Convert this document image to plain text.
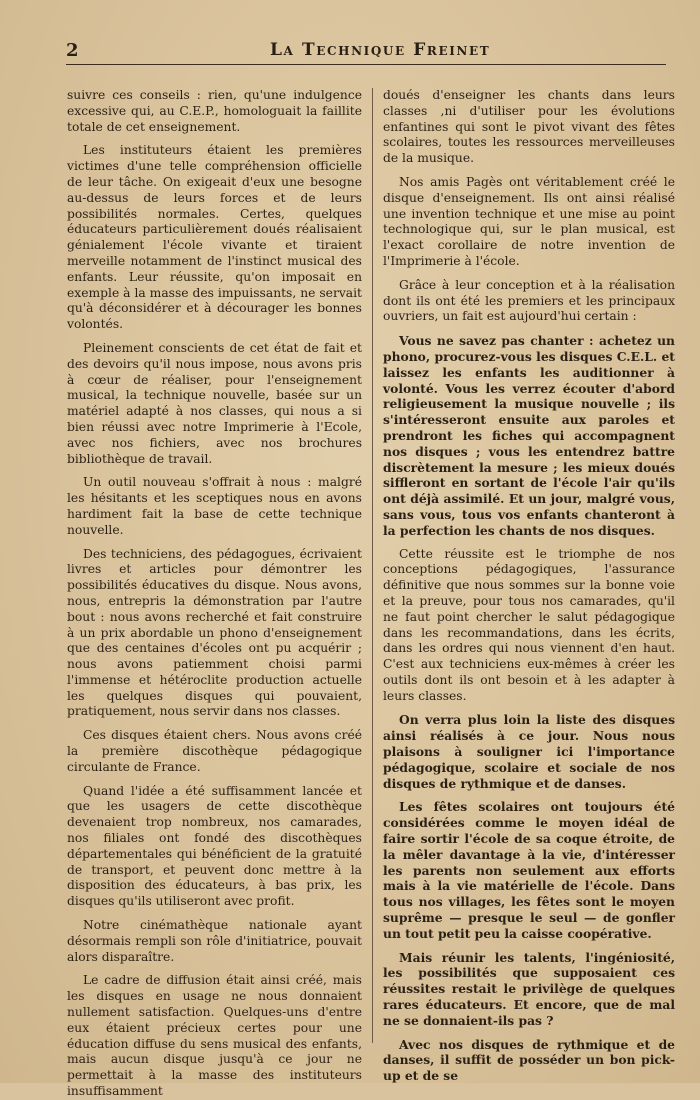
2	La Technique Freinet

suivre ces conseils : rien, qu'une indulgence excessive qui, au C.E.P., homologuait la faillite totale de cet enseignement.

Les instituteurs étaient les premières victimes d'une telle compréhension officielle de leur tâche. On exigeait d'eux une besogne au-dessus de leurs forces et de leurs possibilités normales. Certes, quelques éducateurs particulièrement doués réalisaient génialement l'école vivante et tiraient merveille notamment de l'instinct musical des enfants. Leur réussite, qu'on imposait en exemple à la masse des impuissants, ne servait qu'à déconsidérer et à décourager les bonnes volontés.

Pleinement conscients de cet état de fait et des devoirs qu'il nous impose, nous avons pris à cœur de réaliser, pour l'enseignement musical, la technique nouvelle, basée sur un matériel adapté à nos classes, qui nous a si bien réussi avec notre Imprimerie à l'Ecole, avec nos fichiers, avec nos brochures bibliothèque de travail.

Un outil nouveau s'offrait à nous : malgré les hésitants et les sceptiques nous en avons hardiment fait la base de cette technique nouvelle.

Des techniciens, des pédagogues, écrivaient livres et articles pour démontrer les possibilités éducatives du disque. Nous avons, nous, entrepris la démonstration par l'autre bout : nous avons recherché et fait construire à un prix abordable un phono d'enseignement que des centaines d'écoles ont pu acquérir ; nous avons patiemment choisi parmi l'immense et hétéroclite production actuelle les quelques disques qui pouvaient, pratiquement, nous servir dans nos classes.

Ces disques étaient chers. Nous avons créé la première discothèque pédagogique circulante de France.

Quand l'idée a été suffisamment lancée et que les usagers de cette discothèque devenaient trop nombreux, nos camarades, nos filiales ont fondé des discothèques départementales qui bénéficient de la gratuité de transport, et peuvent donc mettre à la disposition des éducateurs, à bas prix, les disques qu'ils utiliseront avec profit.

Notre cinémathèque nationale ayant désormais rempli son rôle d'initiatrice, pouvait alors disparaître.

Le cadre de diffusion était ainsi créé, mais les disques en usage ne nous donnaient nullement satisfaction. Quelques-uns d'entre eux étaient précieux certes pour une éducation diffuse du sens musical des enfants, mais aucun disque jusqu'à ce jour ne permettait à la masse des instituteurs insuffisamment

doués d'enseigner les chants dans leurs classes ,ni d'utiliser pour les évolutions enfantines qui sont le pivot vivant des fêtes scolaires, toutes les ressources merveilleuses de la musique.

Nos amis Pagès ont véritablement créé le disque d'enseignement. Ils ont ainsi réalisé une invention technique et une mise au point technologique qui, sur le plan musical, est l'exact corollaire de notre invention de l'Imprimerie à l'école.

Grâce à leur conception et à la réalisation dont ils ont été les premiers et les principaux ouvriers, un fait est aujourd'hui certain :

Vous ne savez pas chanter : achetez un phono, procurez-vous les disques C.E.L. et laissez les enfants les auditionner à volonté. Vous les verrez écouter d'abord religieusement la musique nouvelle ; ils s'intéresseront ensuite aux paroles et prendront les fiches qui accompagnent nos disques ; vous les entendrez battre discrètement la mesure ; les mieux doués siffleront en sortant de l'école l'air qu'ils ont déjà assimilé. Et un jour, malgré vous, sans vous, tous vos enfants chanteront à la perfection les chants de nos disques.

Cette réussite est le triomphe de nos conceptions pédagogiques, l'assurance définitive que nous sommes sur la bonne voie et la preuve, pour tous nos camarades, qu'il ne faut point chercher le salut pédagogique dans les recommandations, dans les écrits, dans les ordres qui nous viennent d'en haut. C'est aux techniciens eux-mêmes à créer les outils dont ils ont besoin et à les adapter à leurs classes.

On verra plus loin la liste des disques ainsi réalisés à ce jour. Nous nous plaisons à souligner ici l'importance pédagogique, scolaire et sociale de nos disques de rythmique et de danses.

Les fêtes scolaires ont toujours été considérées comme le moyen idéal de faire sortir l'école de sa coque étroite, de la mêler davantage à la vie, d'intéresser les parents non seulement aux efforts mais à la vie matérielle de l'école. Dans tous nos villages, les fêtes sont le moyen suprême — presque le seul — de gonfler un tout petit peu la caisse coopérative.

Mais réunir les talents, l'ingéniosité, les possibilités que supposaient ces réussites restait le privilège de quelques rares éducateurs. Et encore, que de mal ne se donnaient-ils pas ?

Avec nos disques de rythmique et de danses, il suffit de posséder un bon pick-up et de se
